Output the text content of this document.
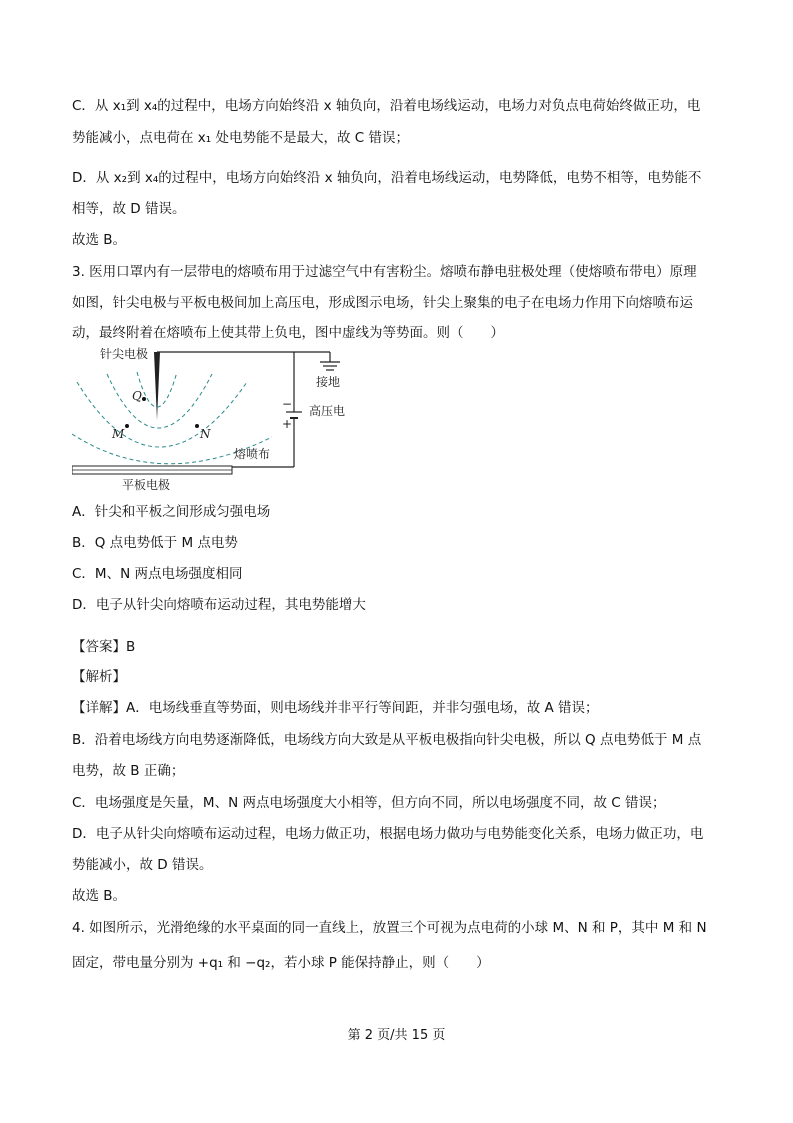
C．从 x₁到 x₄的过程中，电场方向始终沿 x 轴负向，沿着电场线运动，电场力对负点电荷始终做正功，电
势能减小，点电荷在 x₁ 处电势能不是最大，故 C 错误；
D．从 x₂到 x₄的过程中，电场方向始终沿 x 轴负向，沿着电场线运动，电势降低，电势不相等，电势能不
相等，故 D 错误。
故选 B。
3. 医用口罩内有一层带电的熔喷布用于过滤空气中有害粉尘。熔喷布静电驻极处理（使熔喷布带电）原理
如图，针尖电极与平板电极间加上高压电，形成图示电场，针尖上聚集的电子在电场力作用下向熔喷布运
动，最终附着在熔喷布上使其带上负电，图中虚线为等势面。则（　　）
针尖电极
接地
高压电
−
+
Q
M	N
熔喷布
平板电极
A．针尖和平板之间形成匀强电场
B．Q 点电势低于 M 点电势
C．M、N 两点电场强度相同
D．电子从针尖向熔喷布运动过程，其电势能增大
【答案】B
【解析】
【详解】A．电场线垂直等势面，则电场线并非平行等间距，并非匀强电场，故 A 错误；
B．沿着电场线方向电势逐渐降低，电场线方向大致是从平板电极指向针尖电极，所以 Q 点电势低于 M 点
电势，故 B 正确；
C．电场强度是矢量，M、N 两点电场强度大小相等，但方向不同，所以电场强度不同，故 C 错误；
D．电子从针尖向熔喷布运动过程，电场力做正功，根据电场力做功与电势能变化关系，电场力做正功，电
势能减小，故 D 错误。
故选 B。
4. 如图所示，光滑绝缘的水平桌面的同一直线上，放置三个可视为点电荷的小球 M、N 和 P，其中 M 和 N
固定，带电量分别为 +q₁ 和 −q₂，若小球 P 能保持静止，则（　　）
第 2 页/共 15 页
